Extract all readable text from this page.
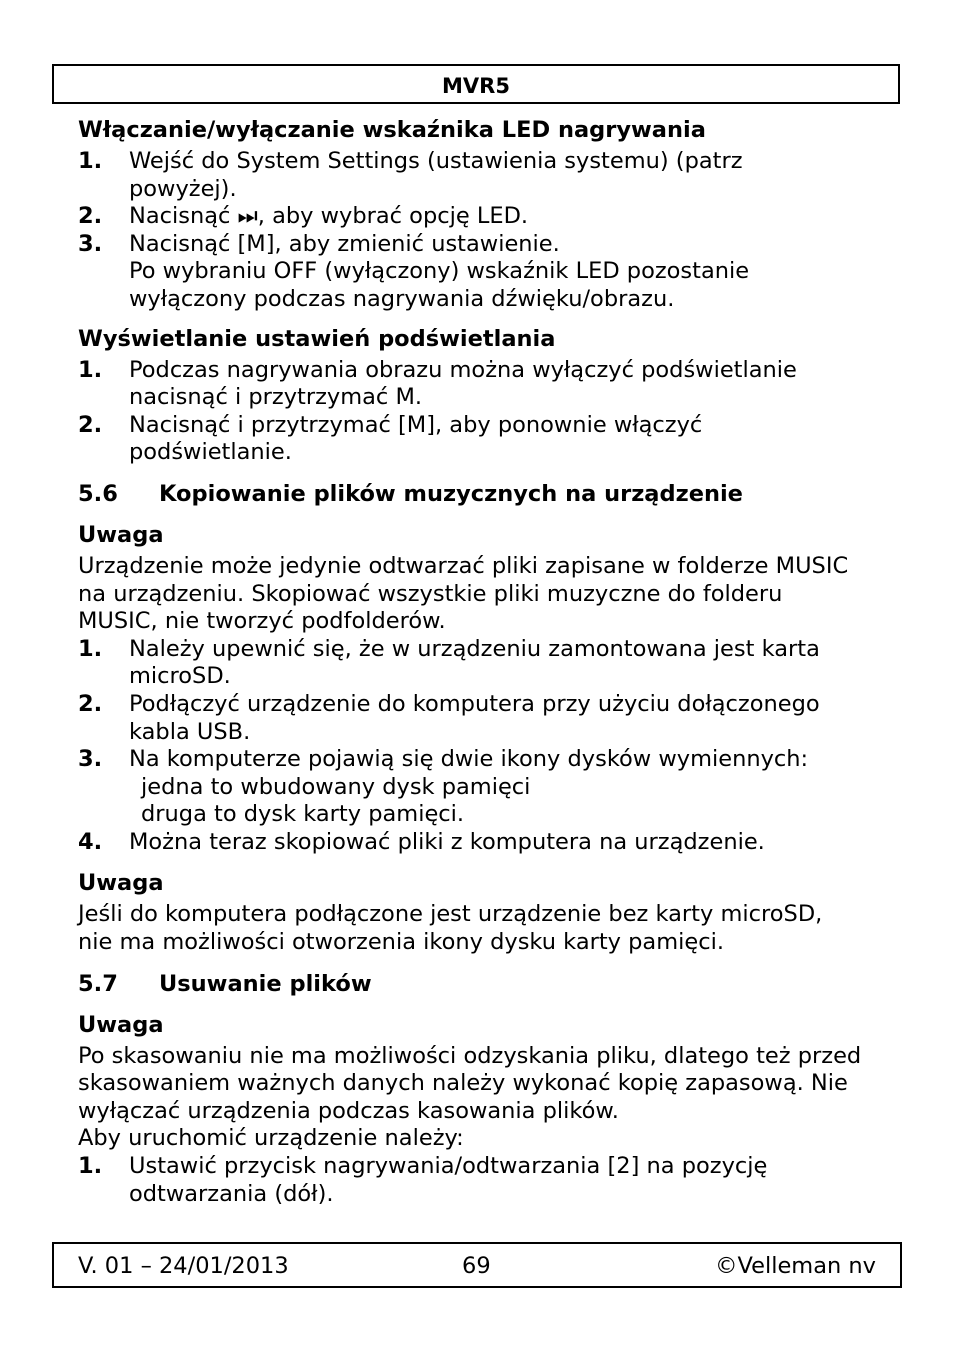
MVR5
Włączanie/wyłączanie wskaźnika LED nagrywania
1. Wejść do System Settings (ustawienia systemu) (patrz
powyżej).
2. Nacisnąć ⏭, aby wybrać opcję LED.
3. Nacisnąć [M], aby zmienić ustawienie.
Po wybraniu OFF (wyłączony) wskaźnik LED pozostanie
wyłączony podczas nagrywania dźwięku/obrazu.
Wyświetlanie ustawień podświetlania
1. Podczas nagrywania obrazu można wyłączyć podświetlanie
nacisnąć i przytrzymać M.
2. Nacisnąć i przytrzymać [M], aby ponownie włączyć
podświetlanie.
5.6 Kopiowanie plików muzycznych na urządzenie
Uwaga
Urządzenie może jedynie odtwarzać pliki zapisane w folderze MUSIC
na urządzeniu. Skopiować wszystkie pliki muzyczne do folderu
MUSIC, nie tworzyć podfolderów.
1. Należy upewnić się, że w urządzeniu zamontowana jest karta
microSD.
2. Podłączyć urządzenie do komputera przy użyciu dołączonego
kabla USB.
3. Na komputerze pojawią się dwie ikony dysków wymiennych:
jedna to wbudowany dysk pamięci
druga to dysk karty pamięci.
4. Można teraz skopiować pliki z komputera na urządzenie.
Uwaga
Jeśli do komputera podłączone jest urządzenie bez karty microSD,
nie ma możliwości otworzenia ikony dysku karty pamięci.
5.7 Usuwanie plików
Uwaga
Po skasowaniu nie ma możliwości odzyskania pliku, dlatego też przed
skasowaniem ważnych danych należy wykonać kopię zapasową. Nie
wyłączać urządzenia podczas kasowania plików.
Aby uruchomić urządzenie należy:
1. Ustawić przycisk nagrywania/odtwarzania [2] na pozycję
odtwarzania (dół).
V. 01 – 24/01/2013	69	©Velleman nv
